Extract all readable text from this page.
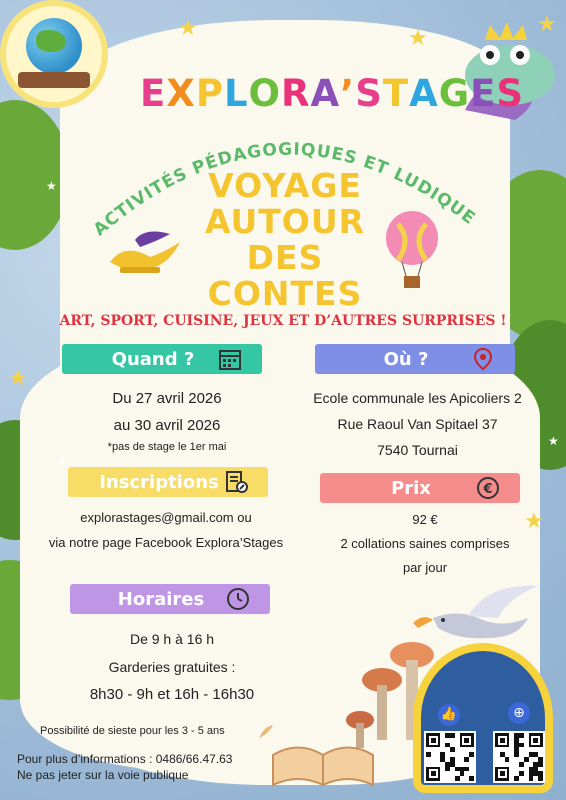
★	★
★
★
★
★
★
★
EXPLORA’STAGES
ACTIVITÉS PÉDAGOGIQUES ET LUDIQUE
VOYAGE
AUTOUR
DES CONTES
ART, SPORT, CUISINE, JEUX ET D’AUTRES SURPRISES !
Quand ?
Du 27 avril 2026
au 30 avril 2026
*pas de stage le 1er mai
Où ?
Ecole communale les Apicoliers 2
Rue Raoul Van Spitael 37
7540 Tournai
Inscriptions
explorastages@gmail.com ou
via notre page Facebook Explora’Stages
Prix	€
92 €
2 collations saines comprises
par jour
Horaires
De 9 h à 16 h
Garderies gratuites :
8h30 - 9h et 16h - 16h30
👍	⊕
Possibilité de sieste pour les 3 - 5 ans
Pour plus d’informations : 0486/66.47.63
Ne pas jeter sur la voie publique
